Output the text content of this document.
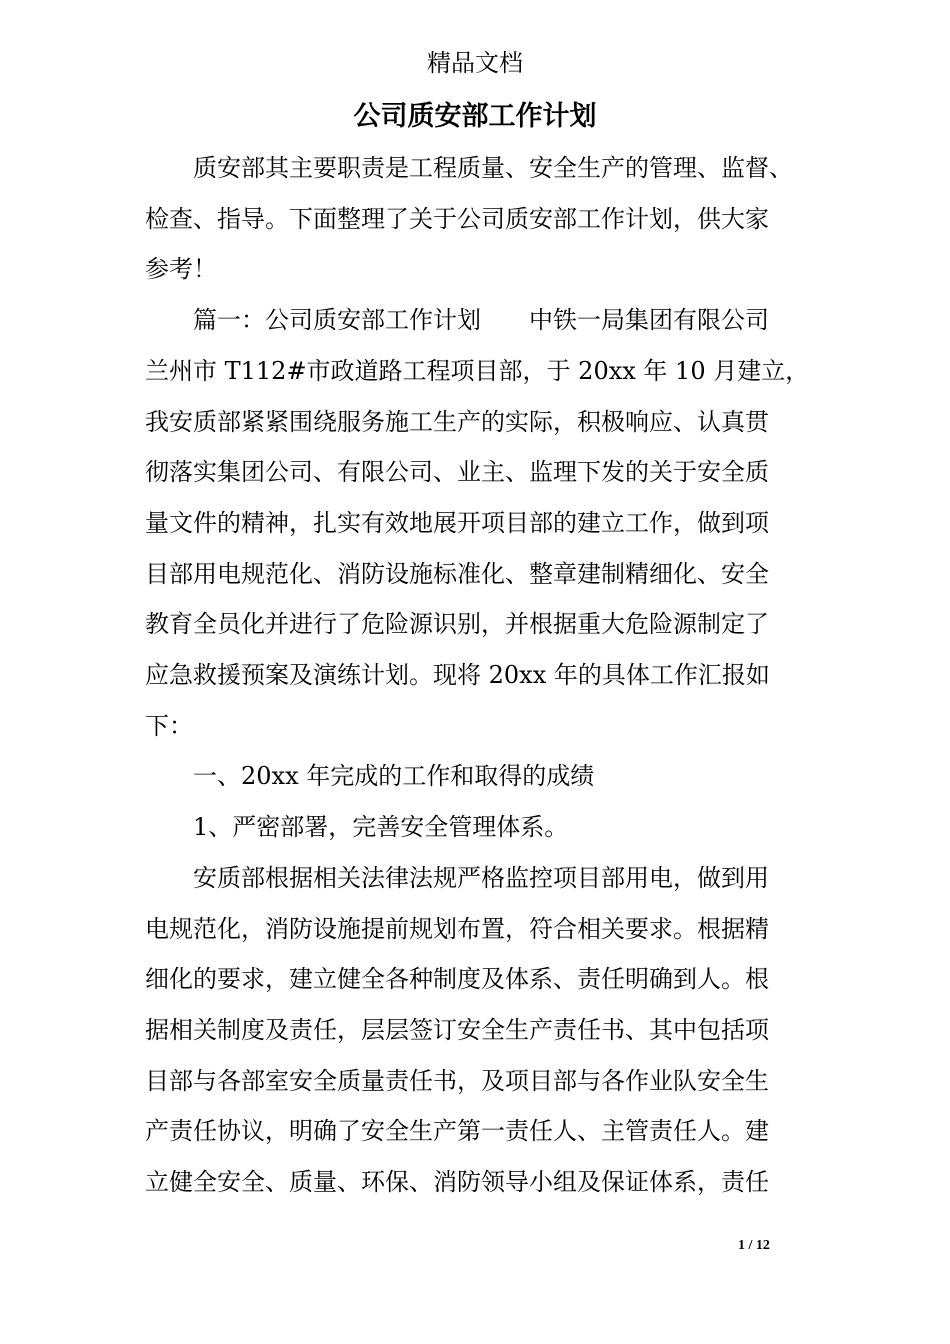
精品文档
公司质安部工作计划
质安部其主要职责是工程质量、安全生产的管理、监督、
检查、指导。下面整理了关于公司质安部工作计划，供大家
参考！
篇一：公司质安部工作计划　　中铁一局集团有限公司
兰州市 T112#市政道路工程项目部，于 20xx 年 10 月建立，
我安质部紧紧围绕服务施工生产的实际，积极响应、认真贯
彻落实集团公司、有限公司、业主、监理下发的关于安全质
量文件的精神，扎实有效地展开项目部的建立工作，做到项
目部用电规范化、消防设施标准化、整章建制精细化、安全
教育全员化并进行了危险源识别，并根据重大危险源制定了
应急救援预案及演练计划。现将 20xx 年的具体工作汇报如
下：
一、20xx 年完成的工作和取得的成绩
1、严密部署，完善安全管理体系。
安质部根据相关法律法规严格监控项目部用电，做到用
电规范化，消防设施提前规划布置，符合相关要求。根据精
细化的要求，建立健全各种制度及体系、责任明确到人。根
据相关制度及责任，层层签订安全生产责任书、其中包括项
目部与各部室安全质量责任书，及项目部与各作业队安全生
产责任协议，明确了安全生产第一责任人、主管责任人。建
立健全安全、质量、环保、消防领导小组及保证体系，责任
1 / 12
